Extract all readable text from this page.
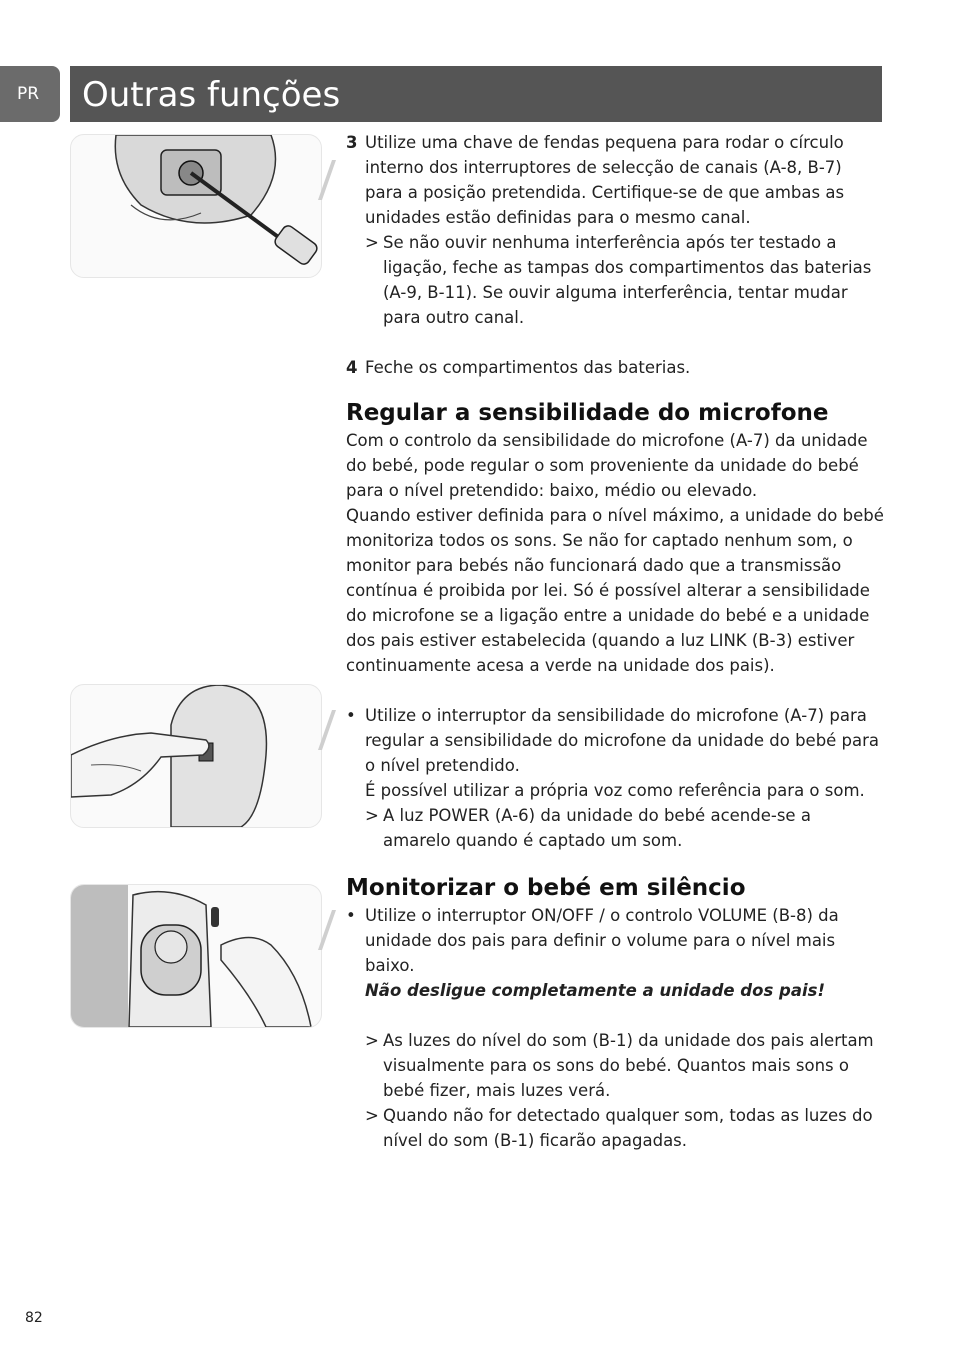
PR	Outras funções
3 Utilize uma chave de fendas pequena para rodar o círculo
interno dos interruptores de selecção de canais (A-8, B-7)
para a posição pretendida. Certifique-se de que ambas as
unidades estão definidas para o mesmo canal.
> Se não ouvir nenhuma interferência após ter testado a
ligação, feche as tampas dos compartimentos das baterias
(A-9, B-11). Se ouvir alguma interferência, tentar mudar
para outro canal.
4 Feche os compartimentos das baterias.
Regular a sensibilidade do microfone

Com o controlo da sensibilidade do microfone (A-7) da unidade
do bebé, pode regular o som proveniente da unidade do bebé
para o nível pretendido: baixo, médio ou elevado.
Quando estiver definida para o nível máximo, a unidade do bebé
monitoriza todos os sons. Se não for captado nenhum som, o
monitor para bebés não funcionará dado que a transmissão
contínua é proibida por lei. Só é possível alterar a sensibilidade
do microfone se a ligação entre a unidade do bebé e a unidade
dos pais estiver estabelecida (quando a luz LINK (B-3) estiver
continuamente acesa a verde na unidade dos pais).

• Utilize o interruptor da sensibilidade do microfone (A-7) para
regular a sensibilidade do microfone da unidade do bebé para
o nível pretendido.
É possível utilizar a própria voz como referência para o som.
> A luz POWER (A-6) da unidade do bebé acende-se a
amarelo quando é captado um som.
Monitorizar o bebé em silêncio
• Utilize o interruptor ON/OFF / o controlo VOLUME (B-8) da
unidade dos pais para definir o volume para o nível mais
baixo.
Não desligue completamente a unidade dos pais!
> As luzes do nível do som (B-1) da unidade dos pais alertam
visualmente para os sons do bebé. Quantos mais sons o
bebé fizer, mais luzes verá.
> Quando não for detectado qualquer som, todas as luzes do
nível do som (B-1) ficarão apagadas.
82
